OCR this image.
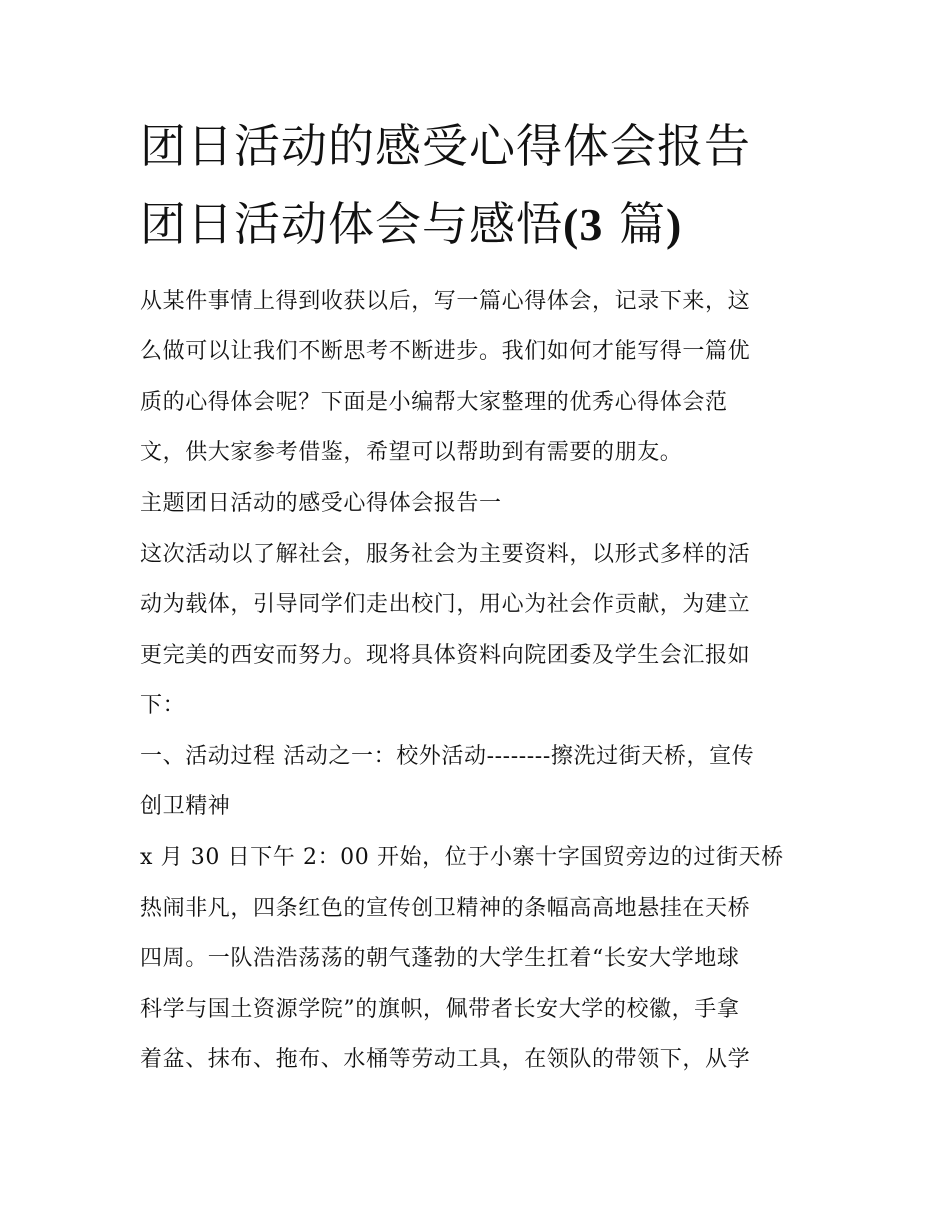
团日活动的感受心得体会报告
团日活动体会与感悟(3 篇)

从某件事情上得到收获以后，写一篇心得体会，记录下来，这

么做可以让我们不断思考不断进步。我们如何才能写得一篇优

质的心得体会呢？下面是小编帮大家整理的优秀心得体会范

文，供大家参考借鉴，希望可以帮助到有需要的朋友。

主题团日活动的感受心得体会报告一

这次活动以了解社会，服务社会为主要资料，以形式多样的活

动为载体，引导同学们走出校门，用心为社会作贡献，为建立

更完美的西安而努力。现将具体资料向院团委及学生会汇报如

下：

一、活动过程 活动之一：校外活动--------擦洗过街天桥，宣传

创卫精神

x 月 30 日下午 2：00 开始，位于小寨十字国贸旁边的过街天桥

热闹非凡，四条红色的宣传创卫精神的条幅高高地悬挂在天桥

四周。一队浩浩荡荡的朝气蓬勃的大学生扛着“长安大学地球

科学与国土资源学院”的旗帜，佩带者长安大学的校徽，手拿

着盆、抹布、拖布、水桶等劳动工具，在领队的带领下，从学
